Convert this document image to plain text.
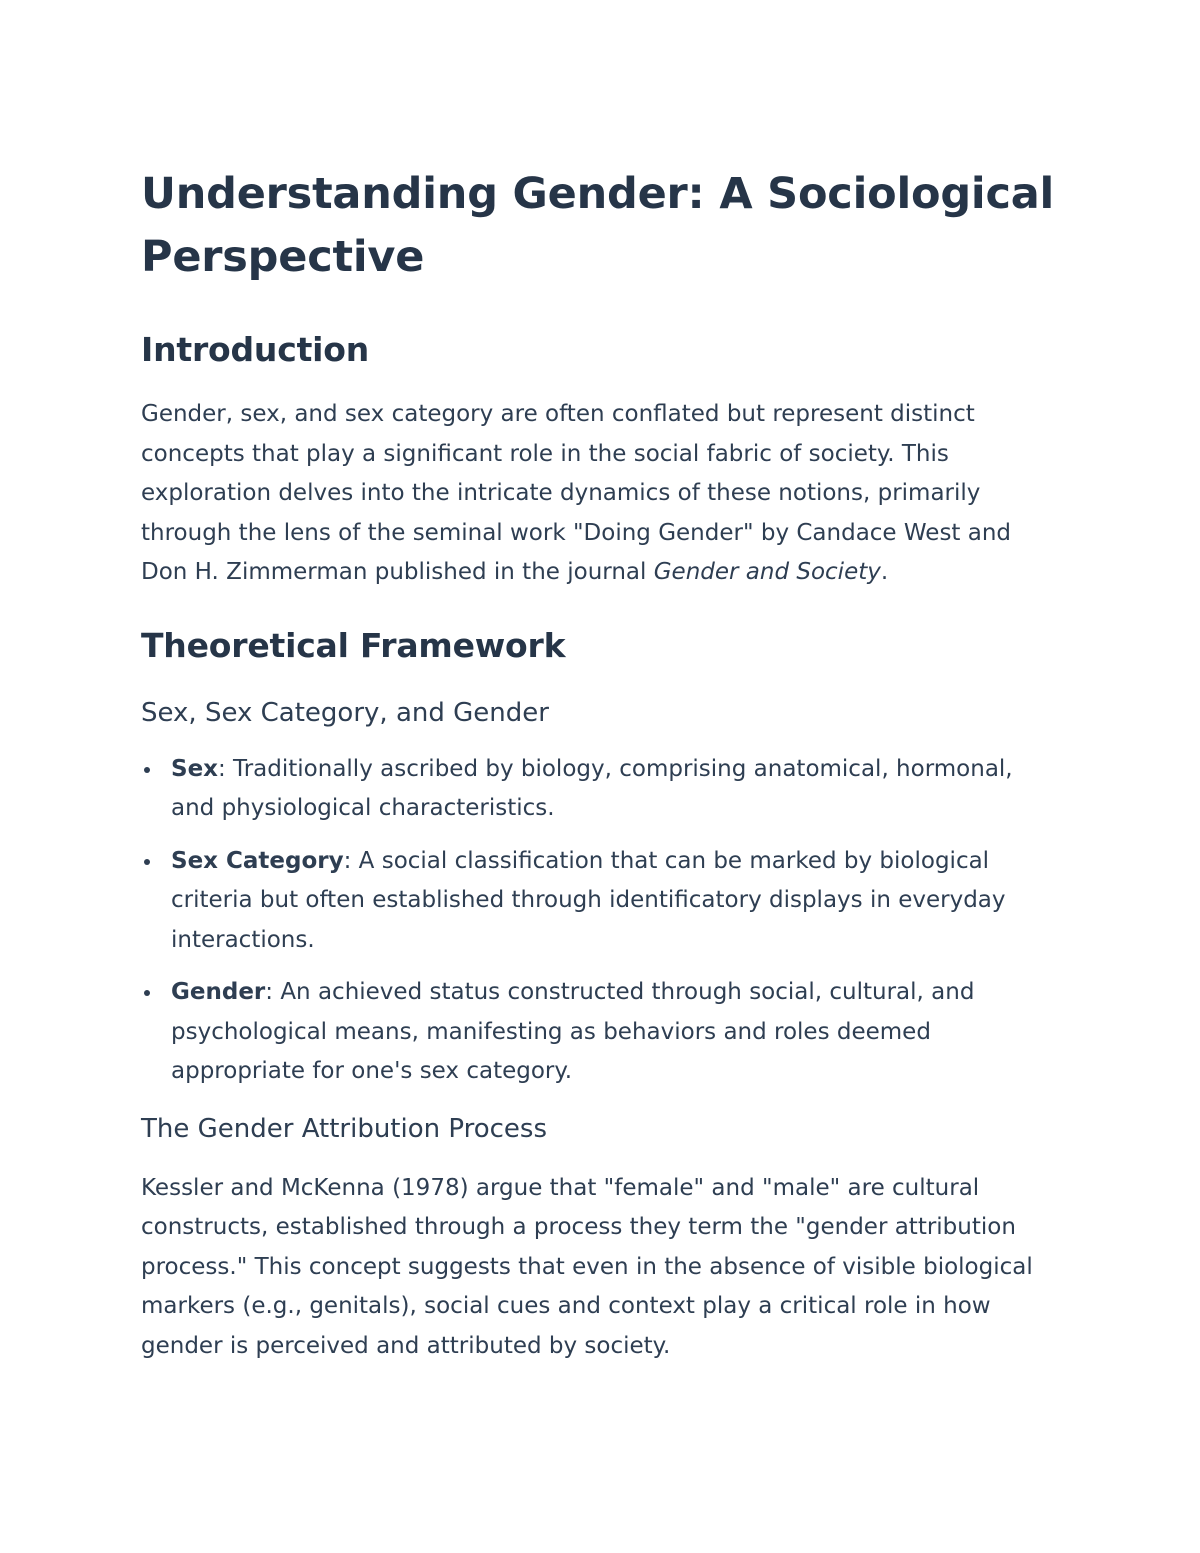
Understanding Gender: A Sociological Perspective
Introduction

Gender, sex, and sex category are often conflated but represent distinct concepts that play a significant role in the social fabric of society. This exploration delves into the intricate dynamics of these notions, primarily through the lens of the seminal work "Doing Gender" by Candace West and Don H. Zimmerman published in the journal Gender and Society.

Theoretical Framework
Sex, Sex Category, and Gender
Sex: Traditionally ascribed by biology, comprising anatomical, hormonal, and physiological characteristics.
Sex Category: A social classification that can be marked by biological criteria but often established through identificatory displays in everyday interactions.
Gender: An achieved status constructed through social, cultural, and psychological means, manifesting as behaviors and roles deemed appropriate for one's sex category.
The Gender Attribution Process

Kessler and McKenna (1978) argue that "female" and "male" are cultural constructs, established through a process they term the "gender attribution process." This concept suggests that even in the absence of visible biological markers (e.g., genitals), social cues and context play a critical role in how gender is perceived and attributed by society.
